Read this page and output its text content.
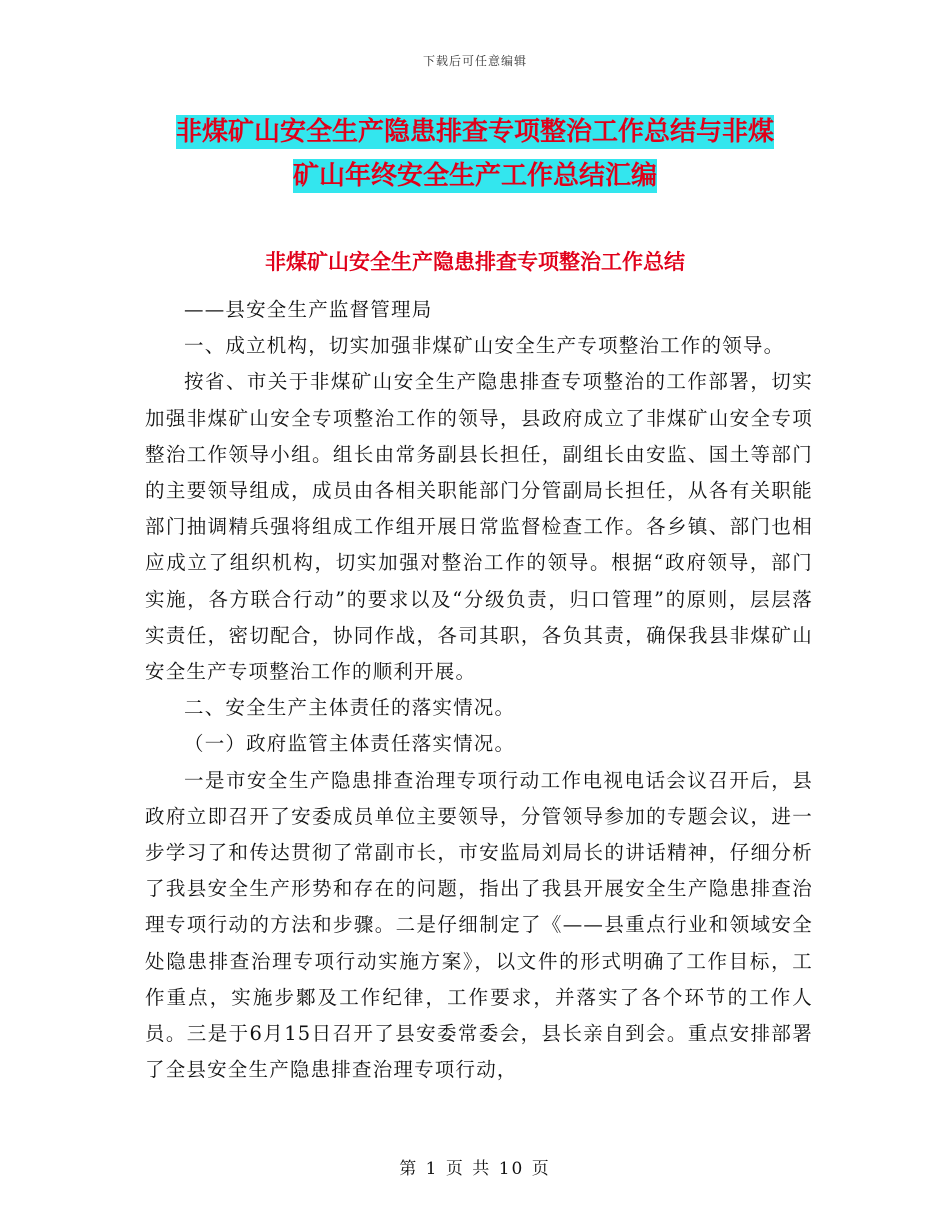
下载后可任意编辑
非煤矿山安全生产隐患排查专项整治工作总结与非煤
矿山年终安全生产工作总结汇编
非煤矿山安全生产隐患排查专项整治工作总结

——县安全生产监督管理局

一、成立机构，切实加强非煤矿山安全生产专项整治工作的领导。

按省、市关于非煤矿山安全生产隐患排查专项整治的工作部署，切实加强非煤矿山安全专项整治工作的领导，县政府成立了非煤矿山安全专项整治工作领导小组。组长由常务副县长担任，副组长由安监、国土等部门的主要领导组成，成员由各相关职能部门分管副局长担任，从各有关职能部门抽调精兵强将组成工作组开展日常监督检查工作。各乡镇、部门也相应成立了组织机构，切实加强对整治工作的领导。根据“政府领导，部门实施，各方联合行动”的要求以及“分级负责，归口管理”的原则，层层落实责任，密切配合，协同作战，各司其职，各负其责，确保我县非煤矿山安全生产专项整治工作的顺利开展。

二、安全生产主体责任的落实情况。

（一）政府监管主体责任落实情况。

一是市安全生产隐患排查治理专项行动工作电视电话会议召开后，县政府立即召开了安委成员单位主要领导，分管领导参加的专题会议，进一步学习了和传达贯彻了常副市长，市安监局刘局长的讲话精神，仔细分析了我县安全生产形势和存在的问题，指出了我县开展安全生产隐患排查治理专项行动的方法和步骤。二是仔细制定了《——县重点行业和领域安全处隐患排查治理专项行动实施方案》，以文件的形式明确了工作目标，工作重点，实施步鄹及工作纪律，工作要求，并落实了各个环节的工作人员。三是于6月15日召开了县安委常委会，县长亲自到会。重点安排部署了全县安全生产隐患排查治理专项行动，

第 1 页 共 10 页
